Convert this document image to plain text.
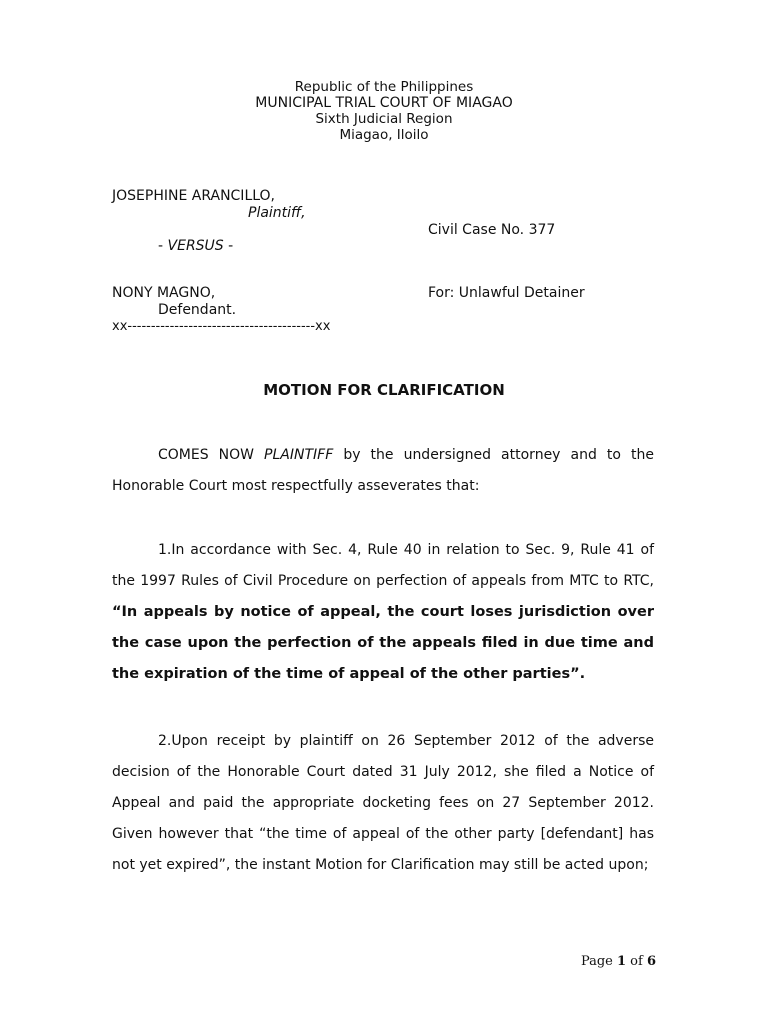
Republic of the Philippines
MUNICIPAL TRIAL COURT OF MIAGAO
Sixth Judicial Region
Miagao, Iloilo
JOSEPHINE ARANCILLO,
Plaintiff,
Civil Case No. 377
- VERSUS -
NONY MAGNO,	For: Unlawful Detainer
Defendant.
xx----------------------------------------xx
MOTION FOR CLARIFICATION
COMES NOW PLAINTIFF by the undersigned attorney and to the Honorable Court most respectfully asseverates that:
1.In accordance with Sec. 4, Rule 40 in relation to Sec. 9, Rule 41 of the 1997 Rules of Civil Procedure on perfection of appeals from MTC to RTC, “In appeals by notice of appeal, the court loses jurisdiction over the case upon the perfection of the appeals filed in due time and the expiration of the time of appeal of the other parties”.
2.Upon receipt by plaintiff on 26 September 2012 of the adverse decision of the Honorable Court dated 31 July 2012, she filed a Notice of Appeal and paid the appropriate docketing fees on 27 September 2012. Given however that “the time of appeal of the other party [defendant] has not yet expired”, the instant Motion for Clarification may still be acted upon;
Page 1 of 6
